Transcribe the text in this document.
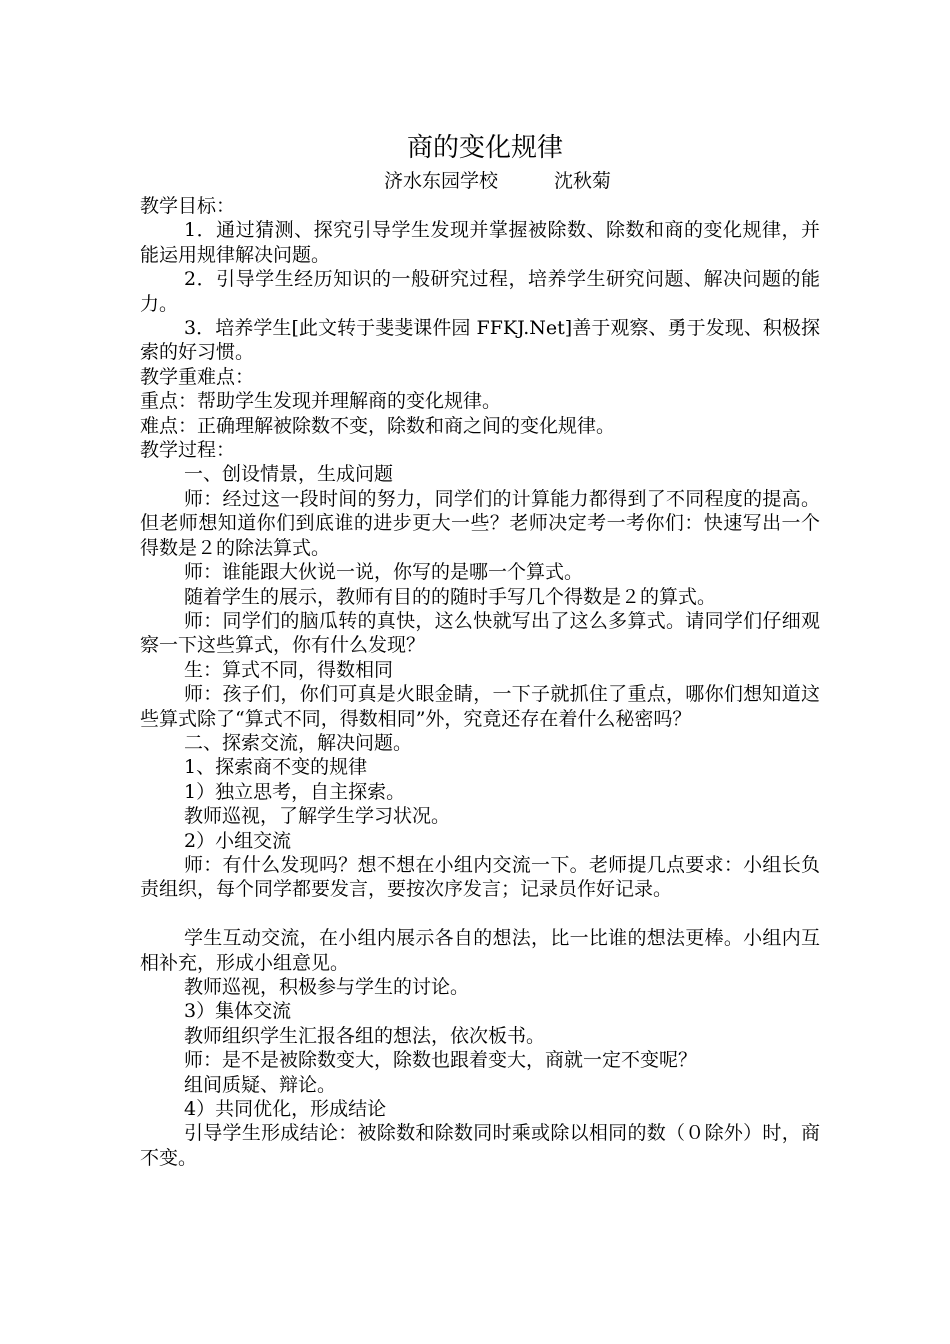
商的变化规律
济水东园学校	沈秋菊

教学目标：

1．通过猜测、探究引导学生发现并掌握被除数、除数和商的变化规律，并能运用规律解决问题。

2．引导学生经历知识的一般研究过程，培养学生研究问题、解决问题的能力。

3．培养学生[此文转于斐斐课件园 FFKJ.Net]善于观察、勇于发现、积极探索的好习惯。

教学重难点：

重点：帮助学生发现并理解商的变化规律。

难点：正确理解被除数不变，除数和商之间的变化规律。

教学过程：

一、创设情景，生成问题

师：经过这一段时间的努力，同学们的计算能力都得到了不同程度的提高。但老师想知道你们到底谁的进步更大一些？老师决定考一考你们：快速写出一个得数是２的除法算式。

师：谁能跟大伙说一说，你写的是哪一个算式。

随着学生的展示，教师有目的的随时手写几个得数是２的算式。

师：同学们的脑瓜转的真快，这么快就写出了这么多算式。请同学们仔细观察一下这些算式，你有什么发现？

生：算式不同，得数相同

师：孩子们，你们可真是火眼金睛，一下子就抓住了重点，哪你们想知道这些算式除了“算式不同，得数相同”外，究竟还存在着什么秘密吗？

二、探索交流，解决问题。

1、探索商不变的规律

1）独立思考，自主探索。

教师巡视，了解学生学习状况。

2）小组交流

师：有什么发现吗？想不想在小组内交流一下。老师提几点要求：小组长负责组织，每个同学都要发言，要按次序发言；记录员作好记录。

学生互动交流，在小组内展示各自的想法，比一比谁的想法更棒。小组内互相补充，形成小组意见。

教师巡视，积极参与学生的讨论。

3）集体交流

教师组织学生汇报各组的想法，依次板书。

师：是不是被除数变大，除数也跟着变大，商就一定不变呢？

组间质疑、辩论。

4）共同优化，形成结论

引导学生形成结论：被除数和除数同时乘或除以相同的数（０除外）时，商不变。
